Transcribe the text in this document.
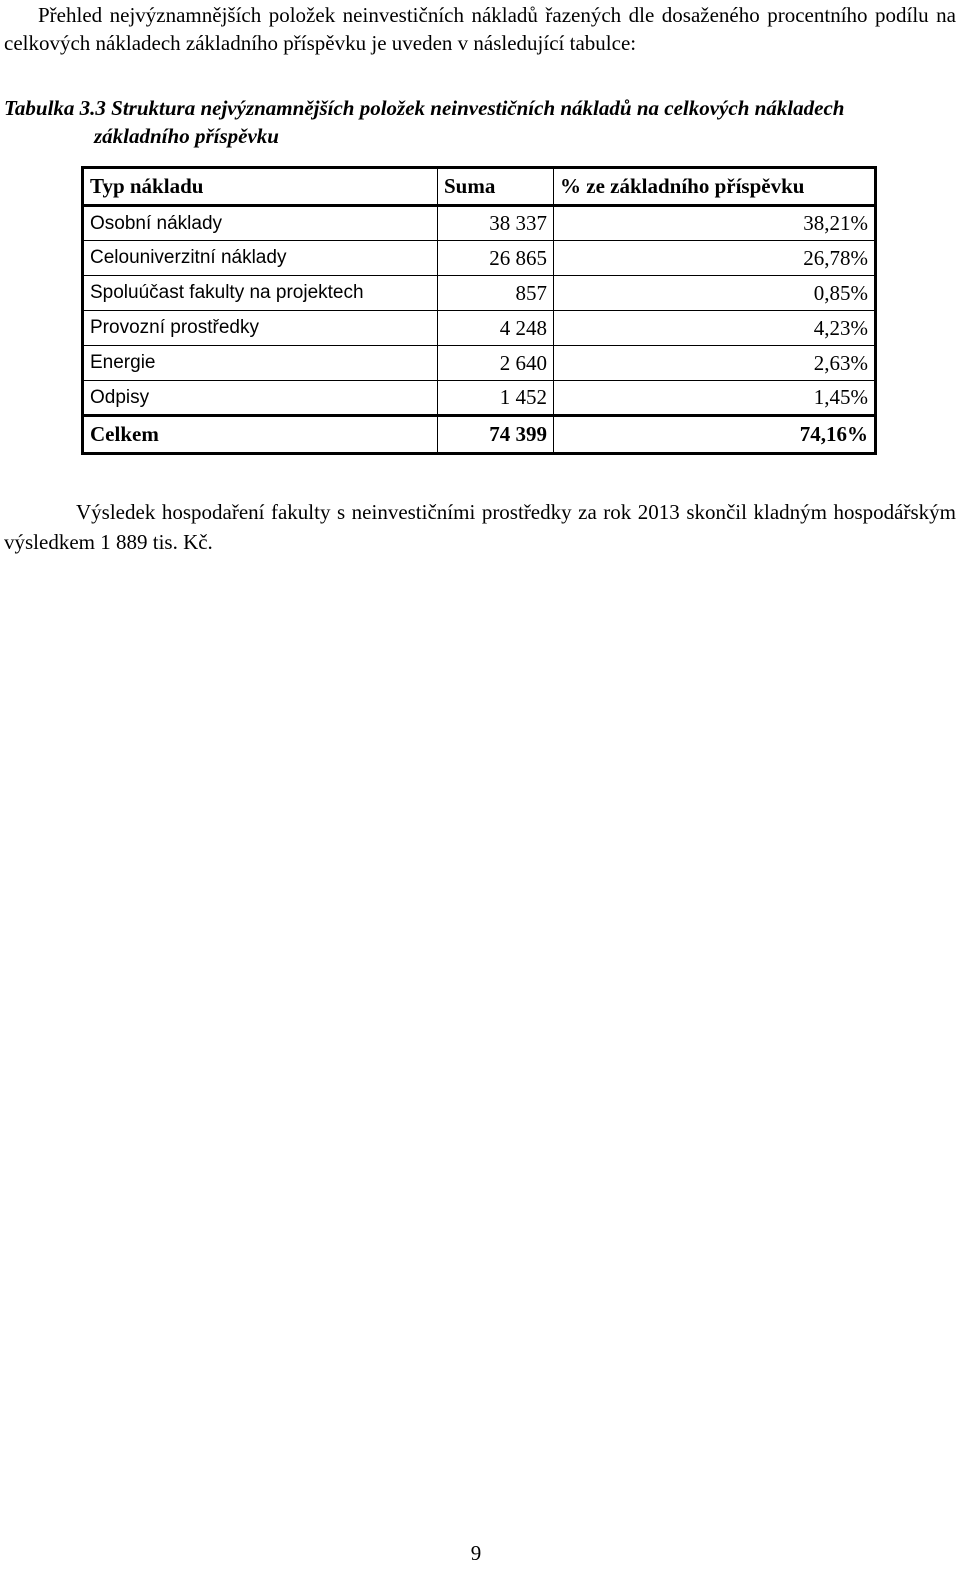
Přehled nejvýznamnějších položek neinvestičních nákladů řazených dle dosaženého procentního podílu na celkových nákladech základního příspěvku je uveden v následující tabulce:

Tabulka 3.3 Struktura nejvýznamnějších položek neinvestičních nákladů na celkových nákladech základního příspěvku

Typ nákladu	Suma	% ze základního příspěvku
Osobní náklady	38 337	38,21%
Celouniverzitní náklady	26 865	26,78%
Spoluúčast fakulty na projektech	857	0,85%
Provozní prostředky	4 248	4,23%
Energie	2 640	2,63%
Odpisy	1 452	1,45%
Celkem	74 399	74,16%

Výsledek hospodaření fakulty s neinvestičními prostředky za rok 2013 skončil kladným hospodářským výsledkem 1 889 tis. Kč.

9
